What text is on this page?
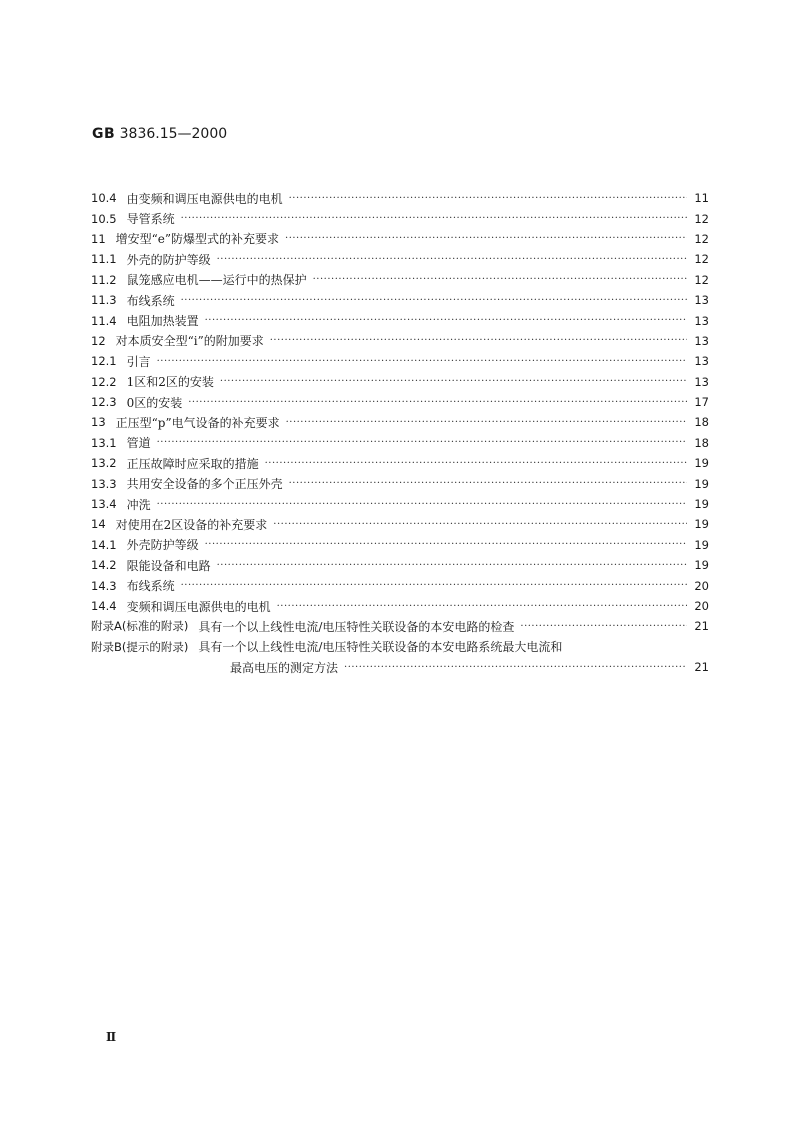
GB 3836.15—2000
10.4 由变频和调压电源供电的电机 ·····	11
10.5 导管系统 ·····	12
11 增安型“e”防爆型式的补充要求 ·····	12
11.1 外壳的防护等级 ·····	12
11.2 鼠笼感应电机——运行中的热保护 ·····	12
11.3 布线系统 ·····	13
11.4 电阻加热装置 ·····	13
12 对本质安全型“i”的附加要求 ·····	13
12.1 引言 ·····	13
12.2 1区和2区的安装 ·····	13
12.3 0区的安装 ·····	17
13 正压型“p”电气设备的补充要求 ·····	18
13.1 管道 ·····	18
13.2 正压故障时应采取的措施 ·····	19
13.3 共用安全设备的多个正压外壳 ·····	19
13.4 冲洗 ·····	19
14 对使用在2区设备的补充要求 ·····	19
14.1 外壳防护等级 ·····	19
14.2 限能设备和电路 ·····	19
14.3 布线系统 ·····	20
14.4 变频和调压电源供电的电机 ·····	20
附录A(标准的附录) 具有一个以上线性电流/电压特性关联设备的本安电路的检查 ·····	21
附录B(提示的附录) 具有一个以上线性电流/电压特性关联设备的本安电路系统最大电流和
最高电压的测定方法 ·····	21
Ⅱ
